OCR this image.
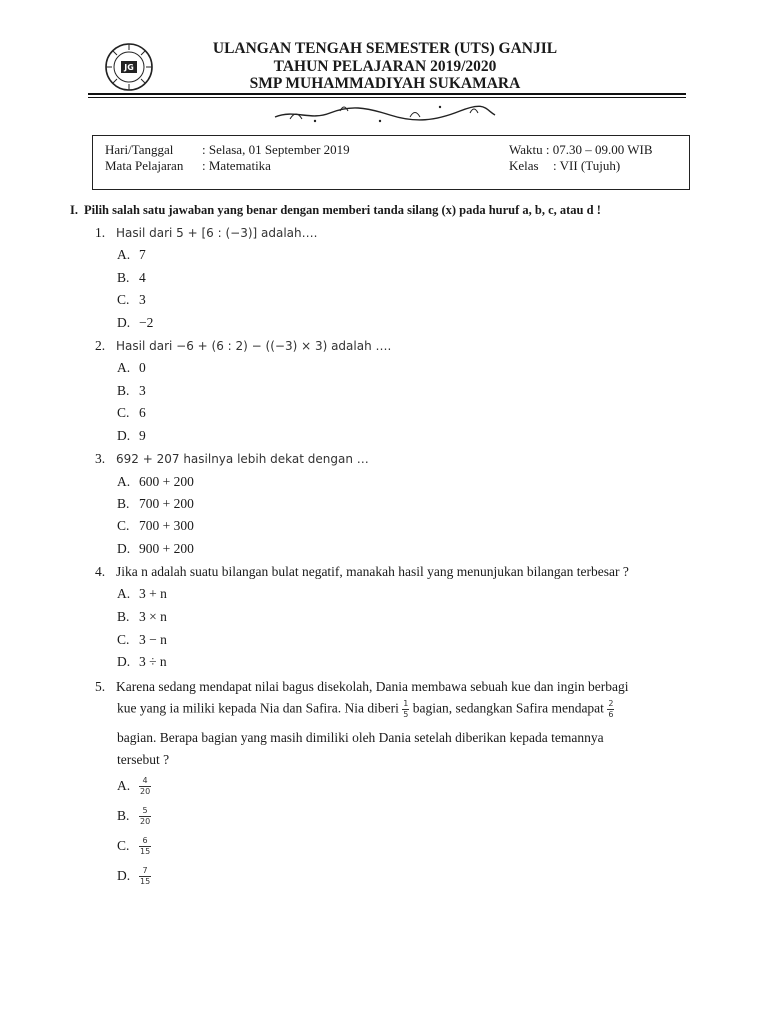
JG
ULANGAN TENGAH SEMESTER (UTS) GANJIL
TAHUN PELAJARAN 2019/2020
SMP MUHAMMADIYAH SUKAMARA
Hari/Tanggal : Selasa, 01 September 2019
Mata Pelajaran : Matematika
Waktu : 07.30 – 09.00 WIB
Kelas : VII (Tujuh)
I. Pilih salah satu jawaban yang benar dengan memberi tanda silang (x) pada huruf a, b, c, atau d !
1. Hasil dari 5 + [6 : (−3)] adalah….
A. 7
B. 4
C. 3
D. −2
2. Hasil dari −6 + (6 : 2) − ((−3) × 3) adalah ….
A. 0
B. 3
C. 6
D. 9
3. 692 + 207 hasilnya lebih dekat dengan …
A. 600 + 200
B. 700 + 200
C. 700 + 300
D. 900 + 200
4. Jika n adalah suatu bilangan bulat negatif, manakah hasil yang menunjukan bilangan terbesar ?
A. 3 + n
B. 3 × n
C. 3 − n
D. 3 ÷ n
5. Karena sedang mendapat nilai bagus disekolah, Dania membawa sebuah kue dan ingin berbagi
kue yang ia miliki kepada Nia dan Safira. Nia diberi $\frac{1}{5}$ bagian, sedangkan Safira mendapat $\frac{2}{6}$
bagian. Berapa bagian yang masih dimiliki oleh Dania setelah diberikan kepada temannya
tersebut ?
A. $\frac{4}{20}$
B. $\frac{5}{20}$
C. $\frac{6}{15}$
D. $\frac{7}{15}$
